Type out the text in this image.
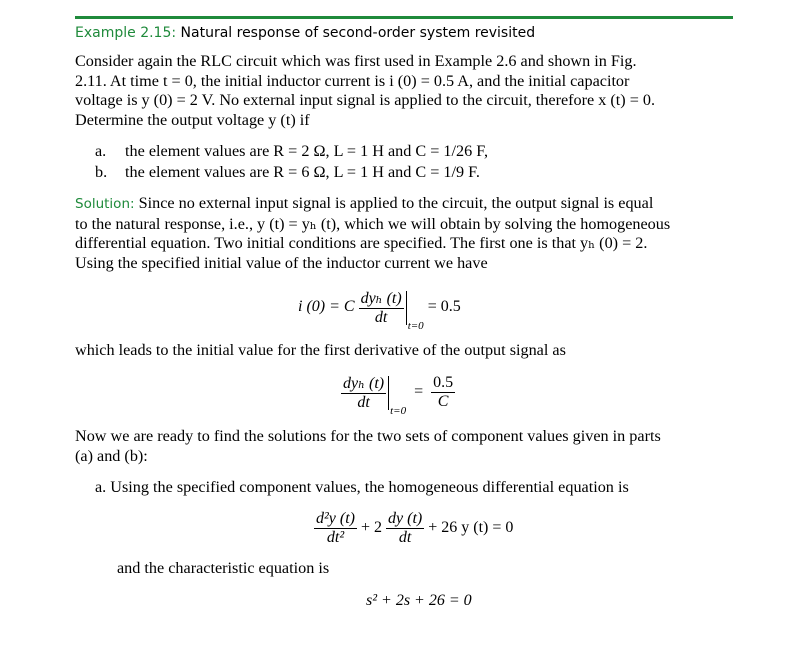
Example 2.15: Natural response of second-order system revisited
Consider again the RLC circuit which was first used in Example 2.6 and shown in Fig.
2.11. At time t = 0, the initial inductor current is i (0) = 0.5 A, and the initial capacitor
voltage is y (0) = 2 V. No external input signal is applied to the circuit, therefore x (t) = 0.
Determine the output voltage y (t) if
a. the element values are R = 2 Ω, L = 1 H and C = 1/26 F,
b. the element values are R = 6 Ω, L = 1 H and C = 1/9 F.
Solution: Since no external input signal is applied to the circuit, the output signal is equal
to the natural response, i.e., y (t) = yₕ (t), which we will obtain by solving the homogeneous
differential equation. Two initial conditions are specified. The first one is that yₕ (0) = 2.
Using the specified initial value of the inductor current we have
i (0) = C $\frac{\text{dyₕ (t)}}{dt} _{t=0} = 0.5$
which leads to the initial value for the first derivative of the output signal as
$\frac{\text{dyₕ (t)}}{dt} _{t=0} = \frac{0.5}{C}$
Now we are ready to find the solutions for the two sets of component values given in parts
(a) and (b):
a. Using the specified component values, the homogeneous differential equation is
$\frac{\text{d²y (t)}}{\text{dt²}} + 2 \frac{dy (t)}{dt} + 26$ y (t) = 0
and the characteristic equation is
s² + 2s + 26 = 0
